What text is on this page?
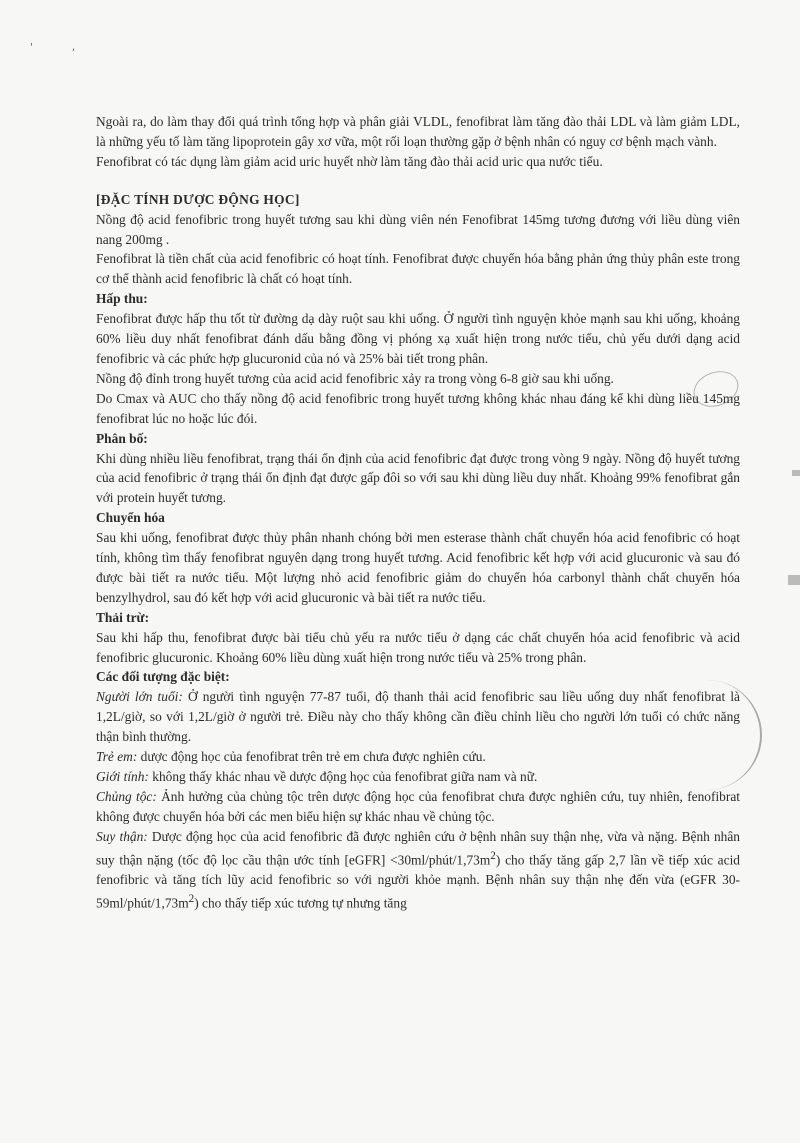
' ,

Ngoài ra, do làm thay đổi quá trình tổng hợp và phân giải VLDL, fenofibrat làm tăng đào thải LDL và làm giảm LDL, là những yếu tố làm tăng lipoprotein gây xơ vữa, một rối loạn thường gặp ở bệnh nhân có nguy cơ bệnh mạch vành.

Fenofibrat có tác dụng làm giảm acid uric huyết nhờ làm tăng đào thải acid uric qua nước tiểu.

[ĐẶC TÍNH DƯỢC ĐỘNG HỌC]

Nồng độ acid fenofibric trong huyết tương sau khi dùng viên nén Fenofibrat 145mg tương đương với liều dùng viên nang 200mg .

Fenofibrat là tiền chất của acid fenofibric có hoạt tính. Fenofibrat được chuyển hóa bằng phản ứng thủy phân este trong cơ thể thành acid fenofibric là chất có hoạt tính.

Hấp thu:

Fenofibrat được hấp thu tốt từ đường dạ dày ruột sau khi uống. Ở người tình nguyện khỏe mạnh sau khi uống, khoảng 60% liều duy nhất fenofibrat đánh dấu bằng đồng vị phóng xạ xuất hiện trong nước tiểu, chủ yếu dưới dạng acid fenofibric và các phức hợp glucuronid của nó và 25% bài tiết trong phân.

Nồng độ đỉnh trong huyết tương của acid acid fenofibric xảy ra trong vòng 6-8 giờ sau khi uống.

Do Cmax và AUC cho thấy nồng độ acid fenofibric trong huyết tương không khác nhau đáng kể khi dùng liều 145mg fenofibrat lúc no hoặc lúc đói.

Phân bố:

Khi dùng nhiều liều fenofibrat, trạng thái ổn định của acid fenofibric đạt được trong vòng 9 ngày. Nồng độ huyết tương của acid fenofibric ở trạng thái ổn định đạt được gấp đôi so với sau khi dùng liều duy nhất. Khoảng 99% fenofibrat gắn với protein huyết tương.

Chuyển hóa

Sau khi uống, fenofibrat được thủy phân nhanh chóng bởi men esterase thành chất chuyển hóa acid fenofibric có hoạt tính, không tìm thấy fenofibrat nguyên dạng trong huyết tương. Acid fenofibric kết hợp với acid glucuronic và sau đó được bài tiết ra nước tiểu. Một lượng nhỏ acid fenofibric giảm do chuyển hóa carbonyl thành chất chuyển hóa benzylhydrol, sau đó kết hợp với acid glucuronic và bài tiết ra nước tiểu.

Thải trừ:

Sau khi hấp thu, fenofibrat được bài tiểu chủ yếu ra nước tiểu ở dạng các chất chuyển hóa acid fenofibric và acid fenofibric glucuronic. Khoảng 60% liều dùng xuất hiện trong nước tiểu và 25% trong phân.

Các đối tượng đặc biệt:

Người lớn tuổi: Ở người tình nguyện 77-87 tuổi, độ thanh thải acid fenofibric sau liều uống duy nhất fenofibrat là 1,2L/giờ, so với 1,2L/giờ ở người trẻ. Điều này cho thấy không cần điều chỉnh liều cho người lớn tuổi có chức năng thận bình thường.

Trẻ em: dược động học của fenofibrat trên trẻ em chưa được nghiên cứu.

Giới tính: không thấy khác nhau về dược động học của fenofibrat giữa nam và nữ.

Chủng tộc: Ảnh hưởng của chủng tộc trên dược động học của fenofibrat chưa được nghiên cứu, tuy nhiên, fenofibrat không được chuyển hóa bởi các men biểu hiện sự khác nhau về chủng tộc.

Suy thận: Dược động học của acid fenofibric đã được nghiên cứu ở bệnh nhân suy thận nhẹ, vừa và nặng. Bệnh nhân suy thận nặng (tốc độ lọc cầu thận ước tính [eGFR] $<30ml/phút/1,73m^2$) cho thấy tăng gấp 2,7 lần về tiếp xúc acid fenofibric và tăng tích lũy acid fenofibric so với người khỏe mạnh. Bệnh nhân suy thận nhẹ đến vừa (eGFR $30-59ml/phút/1,73m^2$) cho thấy tiếp xúc tương tự nhưng tăng
